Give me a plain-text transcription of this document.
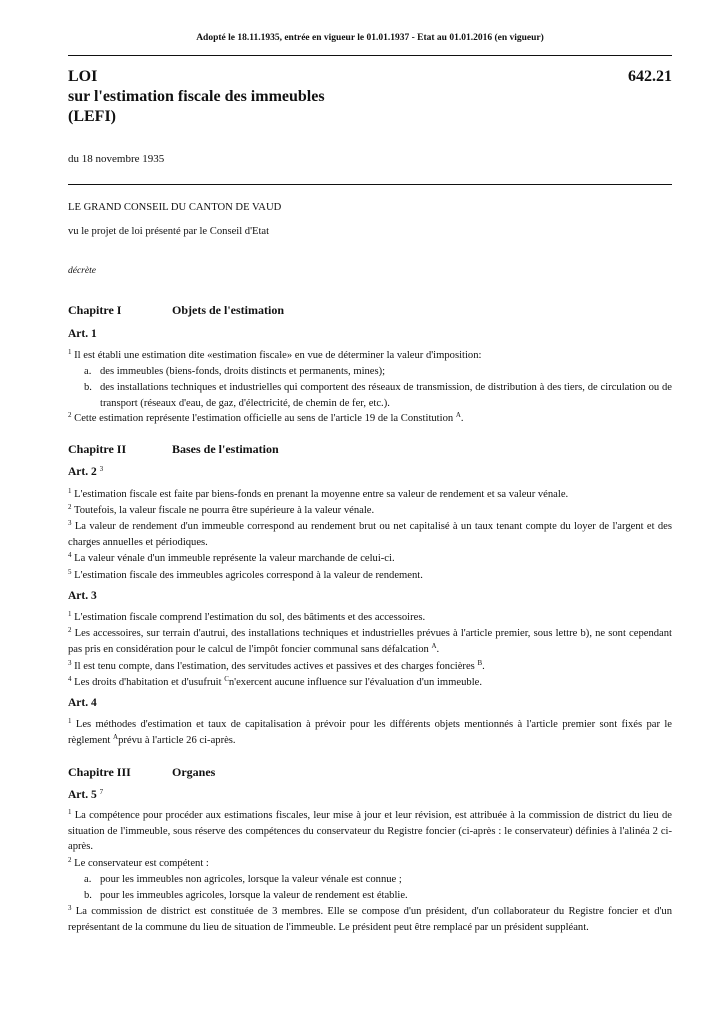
Adopté le 18.11.1935, entrée en vigueur le 01.01.1937 - Etat au 01.01.2016 (en vigueur)
LOI
sur l'estimation fiscale des immeubles
(LEFI)
642.21
du 18 novembre 1935
LE GRAND CONSEIL DU CANTON DE VAUD
vu le projet de loi présenté par le Conseil d'Etat
décrète
Chapitre I	Objets de l'estimation
Art. 1
$^1$ Il est établi une estimation dite «estimation fiscale» en vue de déterminer la valeur d'imposition:
a. des immeubles (biens-fonds, droits distincts et permanents, mines);
b. des installations techniques et industrielles qui comportent des réseaux de transmission, de distribution à des tiers, de circulation ou de transport (réseaux d'eau, de gaz, d'électricité, de chemin de fer, etc.).
$^2$ Cette estimation représente l'estimation officielle au sens de l'article 19 de la Constitution $^A$.
Chapitre II	Bases de l'estimation
Art. 2 $^3$
$^1$ L'estimation fiscale est faite par biens-fonds en prenant la moyenne entre sa valeur de rendement et sa valeur vénale.
$^2$ Toutefois, la valeur fiscale ne pourra être supérieure à la valeur vénale.
$^3$ La valeur de rendement d'un immeuble correspond au rendement brut ou net capitalisé à un taux tenant compte du loyer de l'argent et des charges annuelles et périodiques.
$^4$ La valeur vénale d'un immeuble représente la valeur marchande de celui-ci.
$^5$ L'estimation fiscale des immeubles agricoles correspond à la valeur de rendement.
Art. 3
$^1$ L'estimation fiscale comprend l'estimation du sol, des bâtiments et des accessoires.
$^2$ Les accessoires, sur terrain d'autrui, des installations techniques et industrielles prévues à l'article premier, sous lettre b), ne sont cependant pas pris en considération pour le calcul de l'impôt foncier communal sans défalcation $^A$.
$^3$ Il est tenu compte, dans l'estimation, des servitudes actives et passives et des charges foncières $^B$.
$^4$ Les droits d'habitation et d'usufruit $^C$n'exercent aucune influence sur l'évaluation d'un immeuble.
Art. 4
$^1$ Les méthodes d'estimation et taux de capitalisation à prévoir pour les différents objets mentionnés à l'article premier sont fixés par le règlement $^A$prévu à l'article 26 ci-après.
Chapitre III	Organes
Art. 5 $^7$
$^1$ La compétence pour procéder aux estimations fiscales, leur mise à jour et leur révision, est attribuée à la commission de district du lieu de situation de l'immeuble, sous réserve des compétences du conservateur du Registre foncier (ci-après : le conservateur) définies à l'alinéa 2 ci-après.
$^2$ Le conservateur est compétent :
a. pour les immeubles non agricoles, lorsque la valeur vénale est connue ;
b. pour les immeubles agricoles, lorsque la valeur de rendement est établie.
$^3$ La commission de district est constituée de 3 membres. Elle se compose d'un président, d'un collaborateur du Registre foncier et d'un représentant de la commune du lieu de situation de l'immeuble. Le président peut être remplacé par un président suppléant.
